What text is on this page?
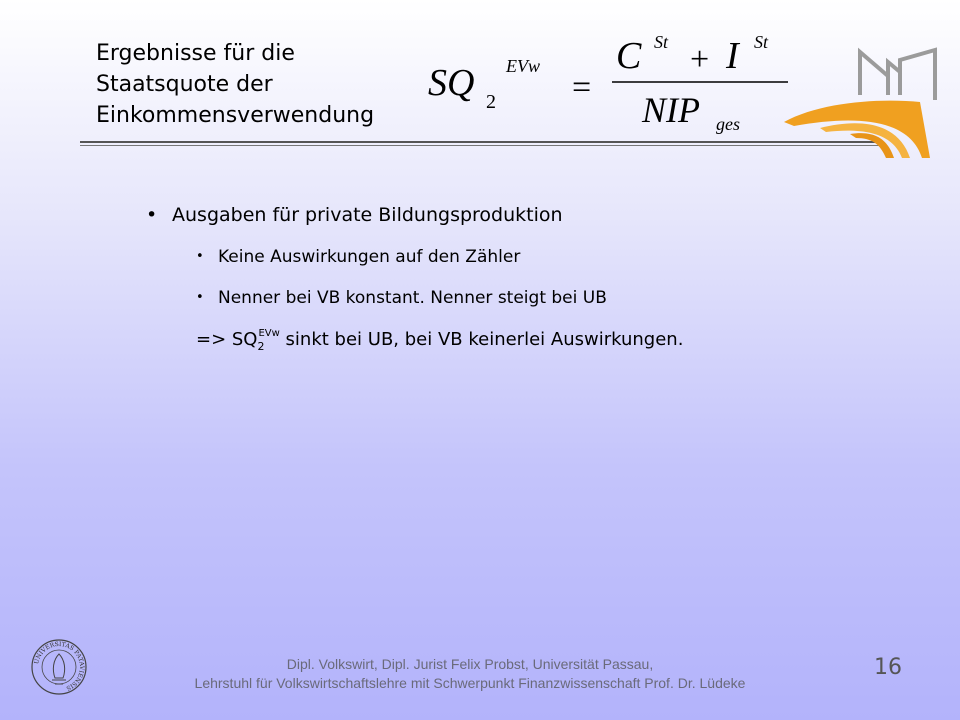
Ergebnisse für die
Staatsquote der
Einkommensverwendung
SQ 2
EVw
=
C St + I St
NIP ges
• Ausgaben für private Bildungsproduktion
• Keine Auswirkungen auf den Zähler
• Nenner bei VB konstant. Nenner steigt bei UB
=> $SQ_2^{EVw}$ sinkt bei UB, bei VB keinerlei Auswirkungen.
UNIVERSITAS PATAVIENSIS
Dipl. Volkswirt, Dipl. Jurist Felix Probst, Universität Passau,
Lehrstuhl für Volkswirtschaftslehre mit Schwerpunkt Finanzwissenschaft Prof. Dr. Lüdeke
16
